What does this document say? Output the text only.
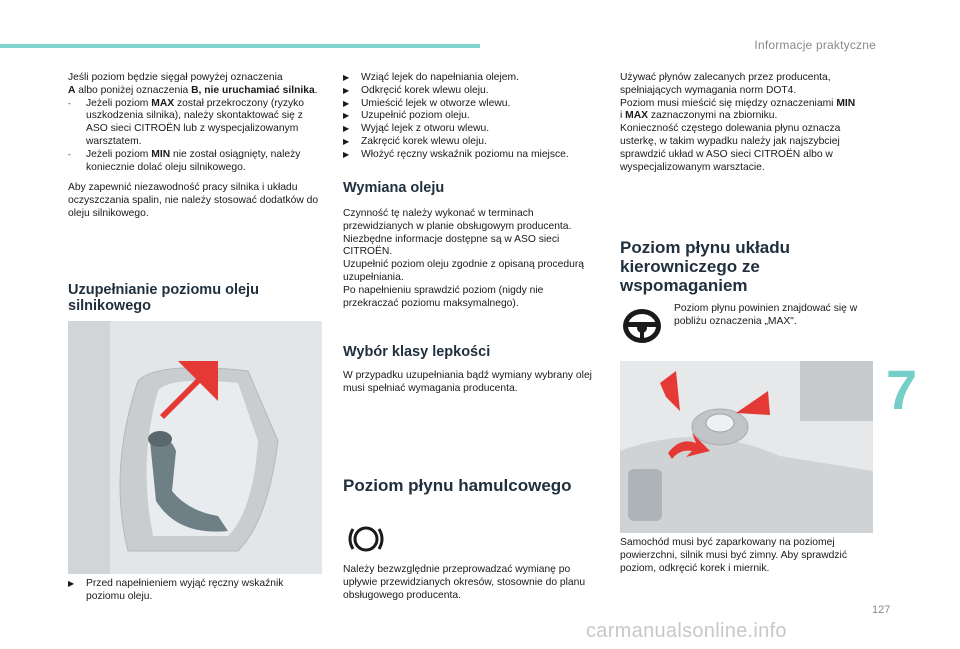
Informacje praktyczne

Jeśli poziom będzie sięgał powyżej oznaczenia
A albo poniżej oznaczenia B, nie uruchamiać silnika.

- Jeżeli poziom MAX został przekroczony (ryzyko uszkodzenia silnika), należy skontaktować się z ASO sieci CITROËN lub z wyspecjalizowanym warsztatem.
- Jeżeli poziom MIN nie został osiągnięty, należy koniecznie dolać oleju silnikowego.

Aby zapewnić niezawodność pracy silnika i układu oczyszczania spalin, nie należy stosować dodatków do oleju silnikowego.

Uzupełnianie poziomu oleju silnikowego
▶ Przed napełnieniem wyjąć ręczny wskaźnik poziomu oleju.
▶ Wziąć lejek do napełniania olejem.
▶ Odkręcić korek wlewu oleju.
▶ Umieścić lejek w otworze wlewu.
▶ Uzupełnić poziom oleju.
▶ Wyjąć lejek z otworu wlewu.
▶ Zakręcić korek wlewu oleju.
▶ Włożyć ręczny wskaźnik poziomu na miejsce.
Wymiana oleju

Czynność tę należy wykonać w terminach przewidzianych w planie obsługowym producenta. Niezbędne informacje dostępne są w ASO sieci CITROËN.

Uzupełnić poziom oleju zgodnie z opisaną procedurą uzupełniania.

Po napełnieniu sprawdzić poziom (nigdy nie przekraczać poziomu maksymalnego).

Wybór klasy lepkości
W przypadku uzupełniania bądź wymiany wybrany olej musi spełniać wymagania producenta.
Poziom płynu hamulcowego
Należy bezwzględnie przeprowadzać wymianę po upływie przewidzianych okresów, stosownie do planu obsługowego producenta.

Używać płynów zalecanych przez producenta, spełniających wymagania norm DOT4.

Poziom musi mieścić się między oznaczeniami MIN
i MAX zaznaczonymi na zbiorniku.

Konieczność częstego dolewania płynu oznacza usterkę, w takim wypadku należy jak najszybciej sprawdzić układ w ASO sieci CITROËN albo w wyspecjalizowanym warsztacie.

Poziom płynu układu kierowniczego ze wspomaganiem
Poziom płynu powinien znajdować się w pobliżu oznaczenia „MAX".
Samochód musi być zaparkowany na poziomej powierzchni, silnik musi być zimny. Aby sprawdzić poziom, odkręcić korek i miernik.
7
127
carmanualsonline.info
